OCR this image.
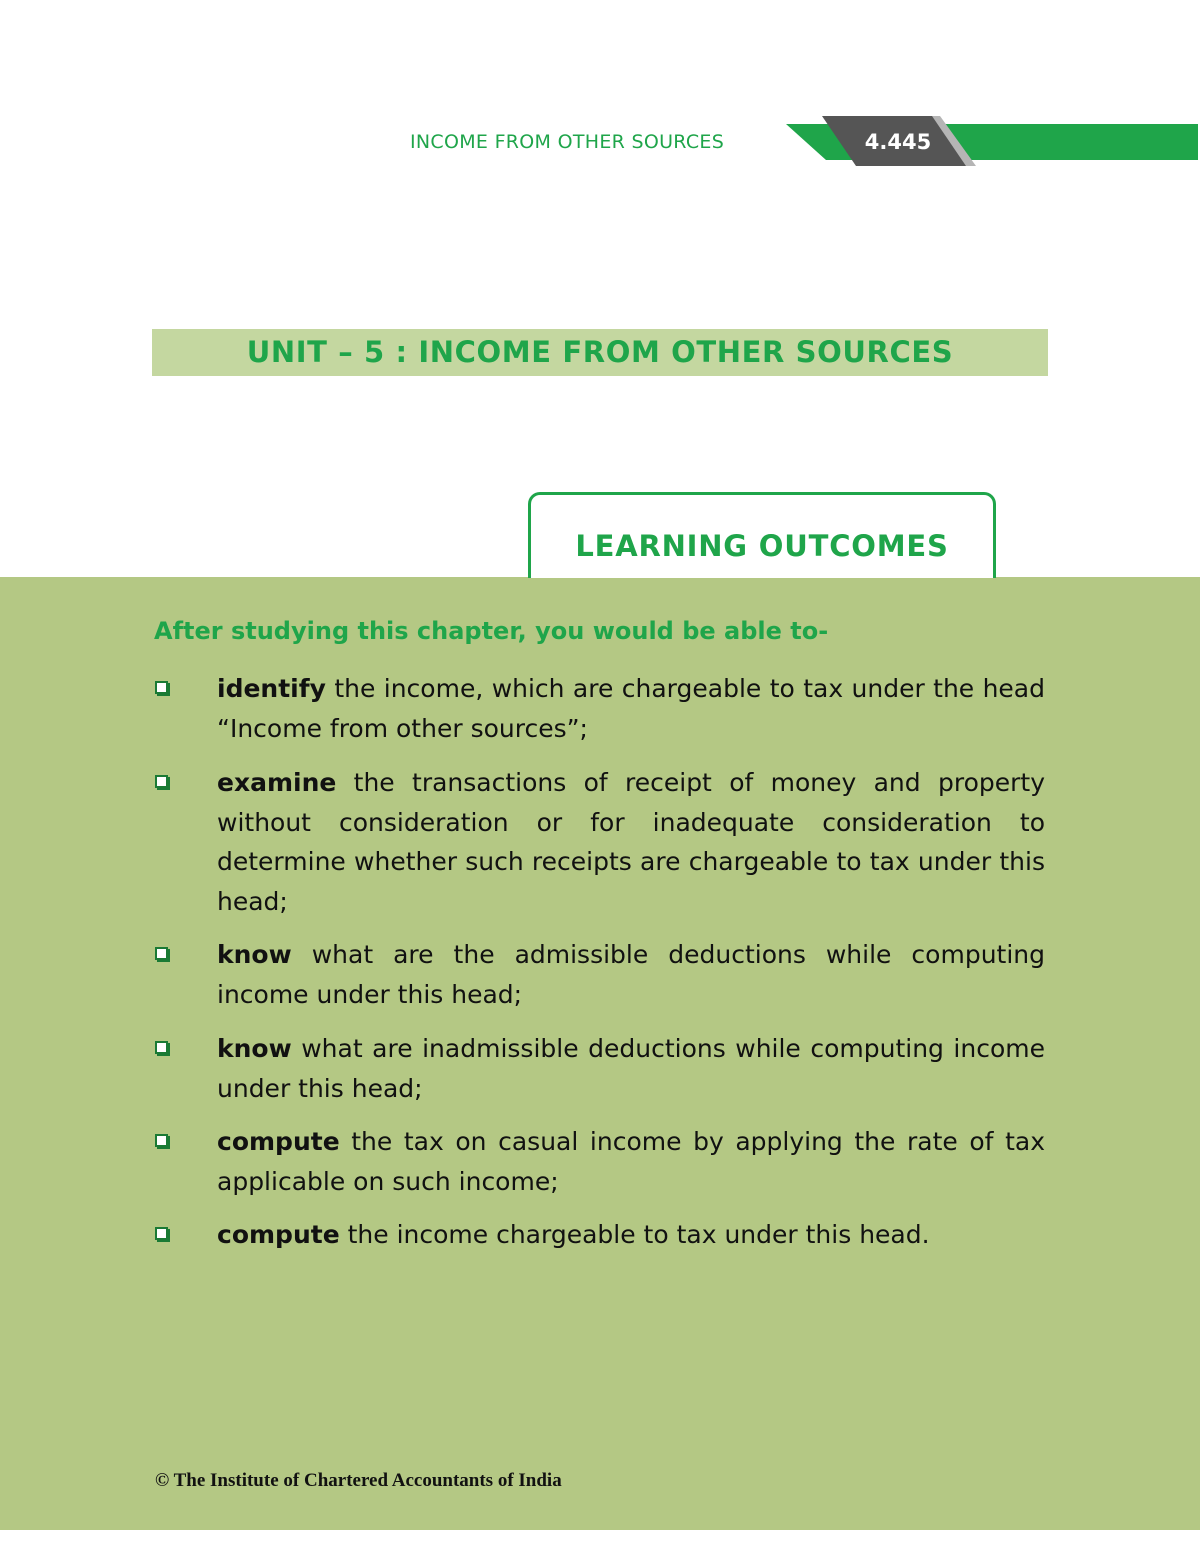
INCOME FROM OTHER SOURCES	4.445
UNIT – 5 : INCOME FROM OTHER SOURCES
After studying this chapter, you would be able to-
identify the income, which are chargeable to tax under the head “Income from other sources”;
examine the transactions of receipt of money and property without consideration or for inadequate consideration to determine whether such receipts are chargeable to tax under this head;
know what are the admissible deductions while computing income under this head;
know what are inadmissible deductions while computing income under this head;
compute the tax on casual income by applying the rate of tax applicable on such income;
compute the income chargeable to tax under this head.
© The Institute of Chartered Accountants of India
LEARNING OUTCOMES
